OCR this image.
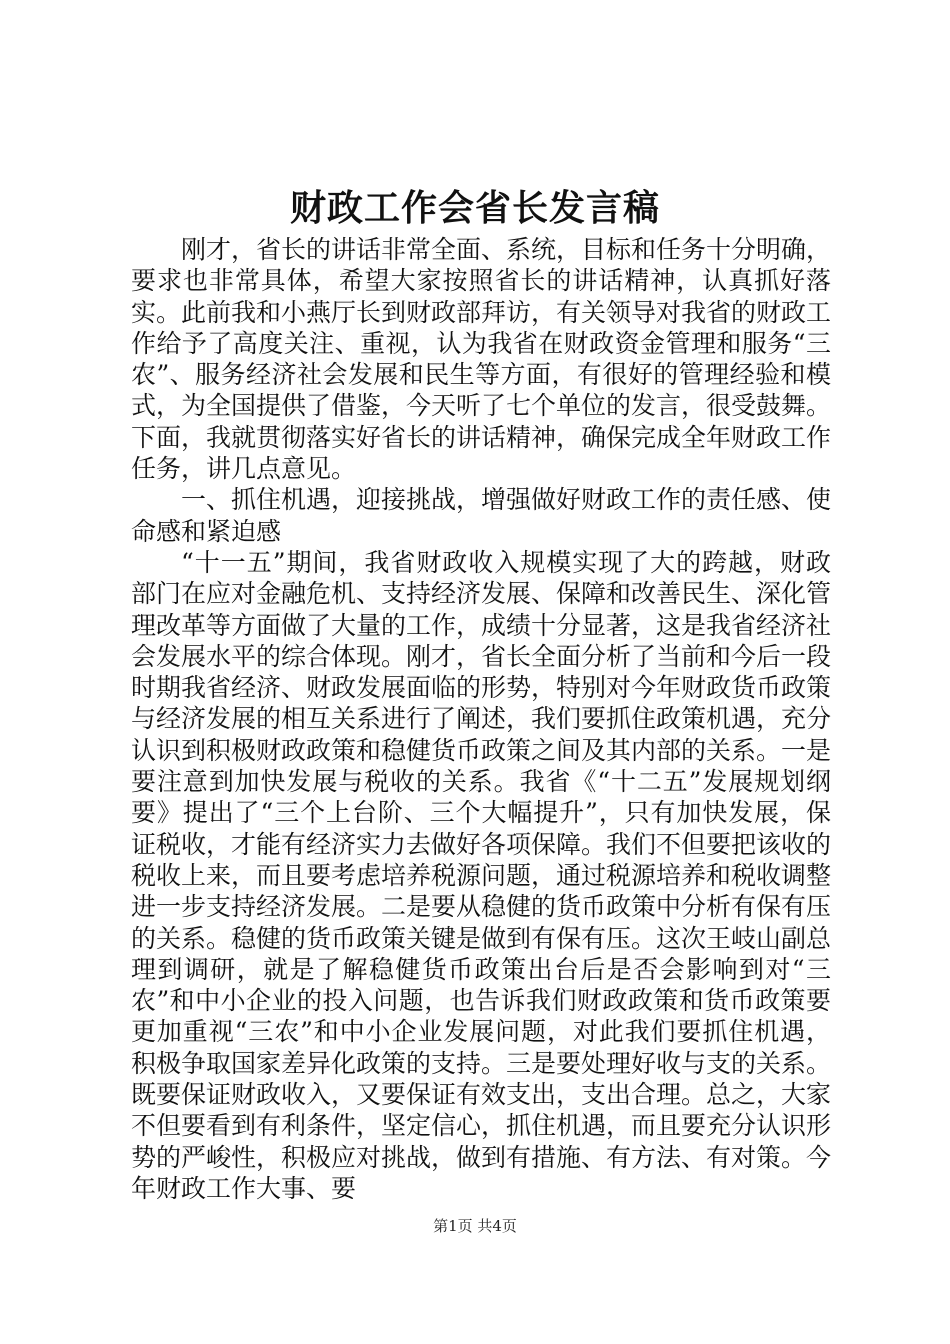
财政工作会省长发言稿

刚才，省长的讲话非常全面、系统，目标和任务十分明确，要求也非常具体，希望大家按照省长的讲话精神，认真抓好落实。此前我和小燕厅长到财政部拜访，有关领导对我省的财政工作给予了高度关注、重视，认为我省在财政资金管理和服务“三农”、服务经济社会发展和民生等方面，有很好的管理经验和模式，为全国提供了借鉴，今天听了七个单位的发言，很受鼓舞。下面，我就贯彻落实好省长的讲话精神，确保完成全年财政工作任务，讲几点意见。

一、抓住机遇，迎接挑战，增强做好财政工作的责任感、使命感和紧迫感

“十一五”期间，我省财政收入规模实现了大的跨越，财政部门在应对金融危机、支持经济发展、保障和改善民生、深化管理改革等方面做了大量的工作，成绩十分显著，这是我省经济社会发展水平的综合体现。刚才，省长全面分析了当前和今后一段时期我省经济、财政发展面临的形势，特别对今年财政货币政策与经济发展的相互关系进行了阐述，我们要抓住政策机遇，充分认识到积极财政政策和稳健货币政策之间及其内部的关系。一是要注意到加快发展与税收的关系。我省《“十二五”发展规划纲要》提出了“三个上台阶、三个大幅提升”，只有加快发展，保证税收，才能有经济实力去做好各项保障。我们不但要把该收的税收上来，而且要考虑培养税源问题，通过税源培养和税收调整进一步支持经济发展。二是要从稳健的货币政策中分析有保有压的关系。稳健的货币政策关键是做到有保有压。这次王岐山副总理到调研，就是了解稳健货币政策出台后是否会影响到对“三农”和中小企业的投入问题，也告诉我们财政政策和货币政策要更加重视“三农”和中小企业发展问题，对此我们要抓住机遇，积极争取国家差异化政策的支持。三是要处理好收与支的关系。既要保证财政收入，又要保证有效支出，支出合理。总之，大家不但要看到有利条件，坚定信心，抓住机遇，而且要充分认识形势的严峻性，积极应对挑战，做到有措施、有方法、有对策。今年财政工作大事、要

第1页 共4页
